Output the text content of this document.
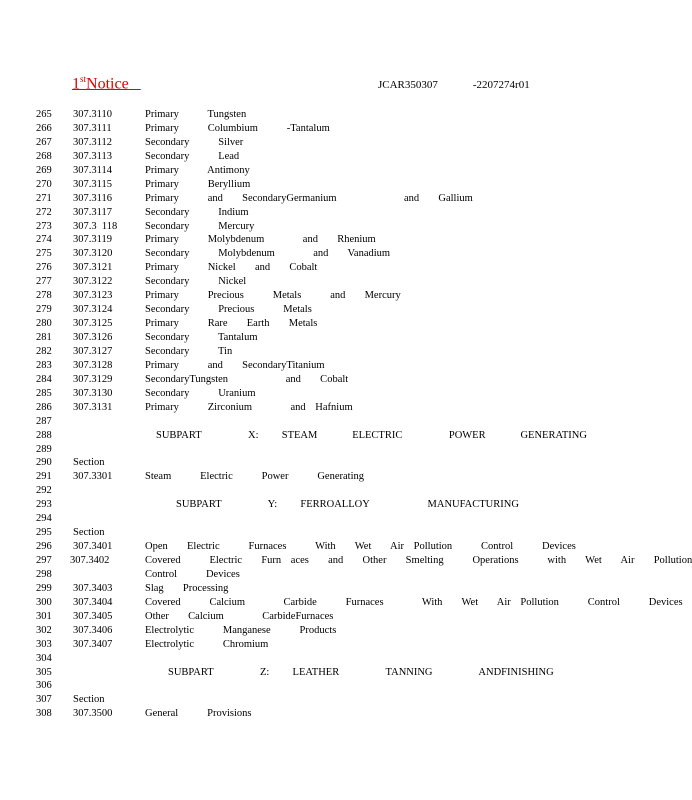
1stNotice	JCAR350307    -2207274r01
265 307.3110	Primary   Tungsten
266 307.3111	Primary   Columbium   -Tantalum
267 307.3112	Secondary   Silver
268 307.3113	Secondary   Lead
269 307.3114	Primary   Antimony
270 307.3115	Primary   Beryllium
271 307.3116	Primary   and  SecondaryGermanium       and  Gallium
272 307.3117	Secondary   Indium
273 307.3  118	Secondary   Mercury
274 307.3119	Primary   Molybdenum    and  Rhenium
275 307.3120	Secondary   Molybdenum    and  Vanadium
276 307.3121	Primary   Nickel  and  Cobalt
277 307.3122	Secondary   Nickel
278 307.3123	Primary   Precious   Metals   and  Mercury
279 307.3124	Secondary   Precious   Metals
280 307.3125	Primary   Rare  Earth  Metals
281 307.3126	Secondary   Tantalum
282 307.3127	Secondary   Tin
283 307.3128	Primary   and  SecondaryTitanium
284 307.3129	SecondaryTungsten      and  Cobalt
285 307.3130	Secondary   Uranium
286 307.3131	Primary   Zirconium    and Hafnium
287
288	SUBPART    X:  STEAM   ELECTRIC    POWER   GENERATING
289
290 Section
291 307.3301	Steam   Electric   Power   Generating
292
293	SUBPART    Y:  FERROALLOY     MANUFACTURING
294
295 Section
296 307.3401	Open  Electric   Furnaces   With  Wet  Air Pollution   Control   Devices
297 307.3402	Covered   Electric  Furn aces  and  Other  Smelting   Operations   with  Wet  Air  Pollution
298	Control   Devices
299 307.3403	Slag  Processing
300 307.3404	Covered   Calcium    Carbide   Furnaces    With  Wet  Air Pollution   Control   Devices
301 307.3405	Other  Calcium    CarbideFurnaces
302 307.3406	Electrolytic   Manganese   Products
303 307.3407	Electrolytic   Chromium
304
305	SUBPART    Z:  LEATHER    TANNING    ANDFINISHING
306
307 Section
308 307.3500	General   Provisions
